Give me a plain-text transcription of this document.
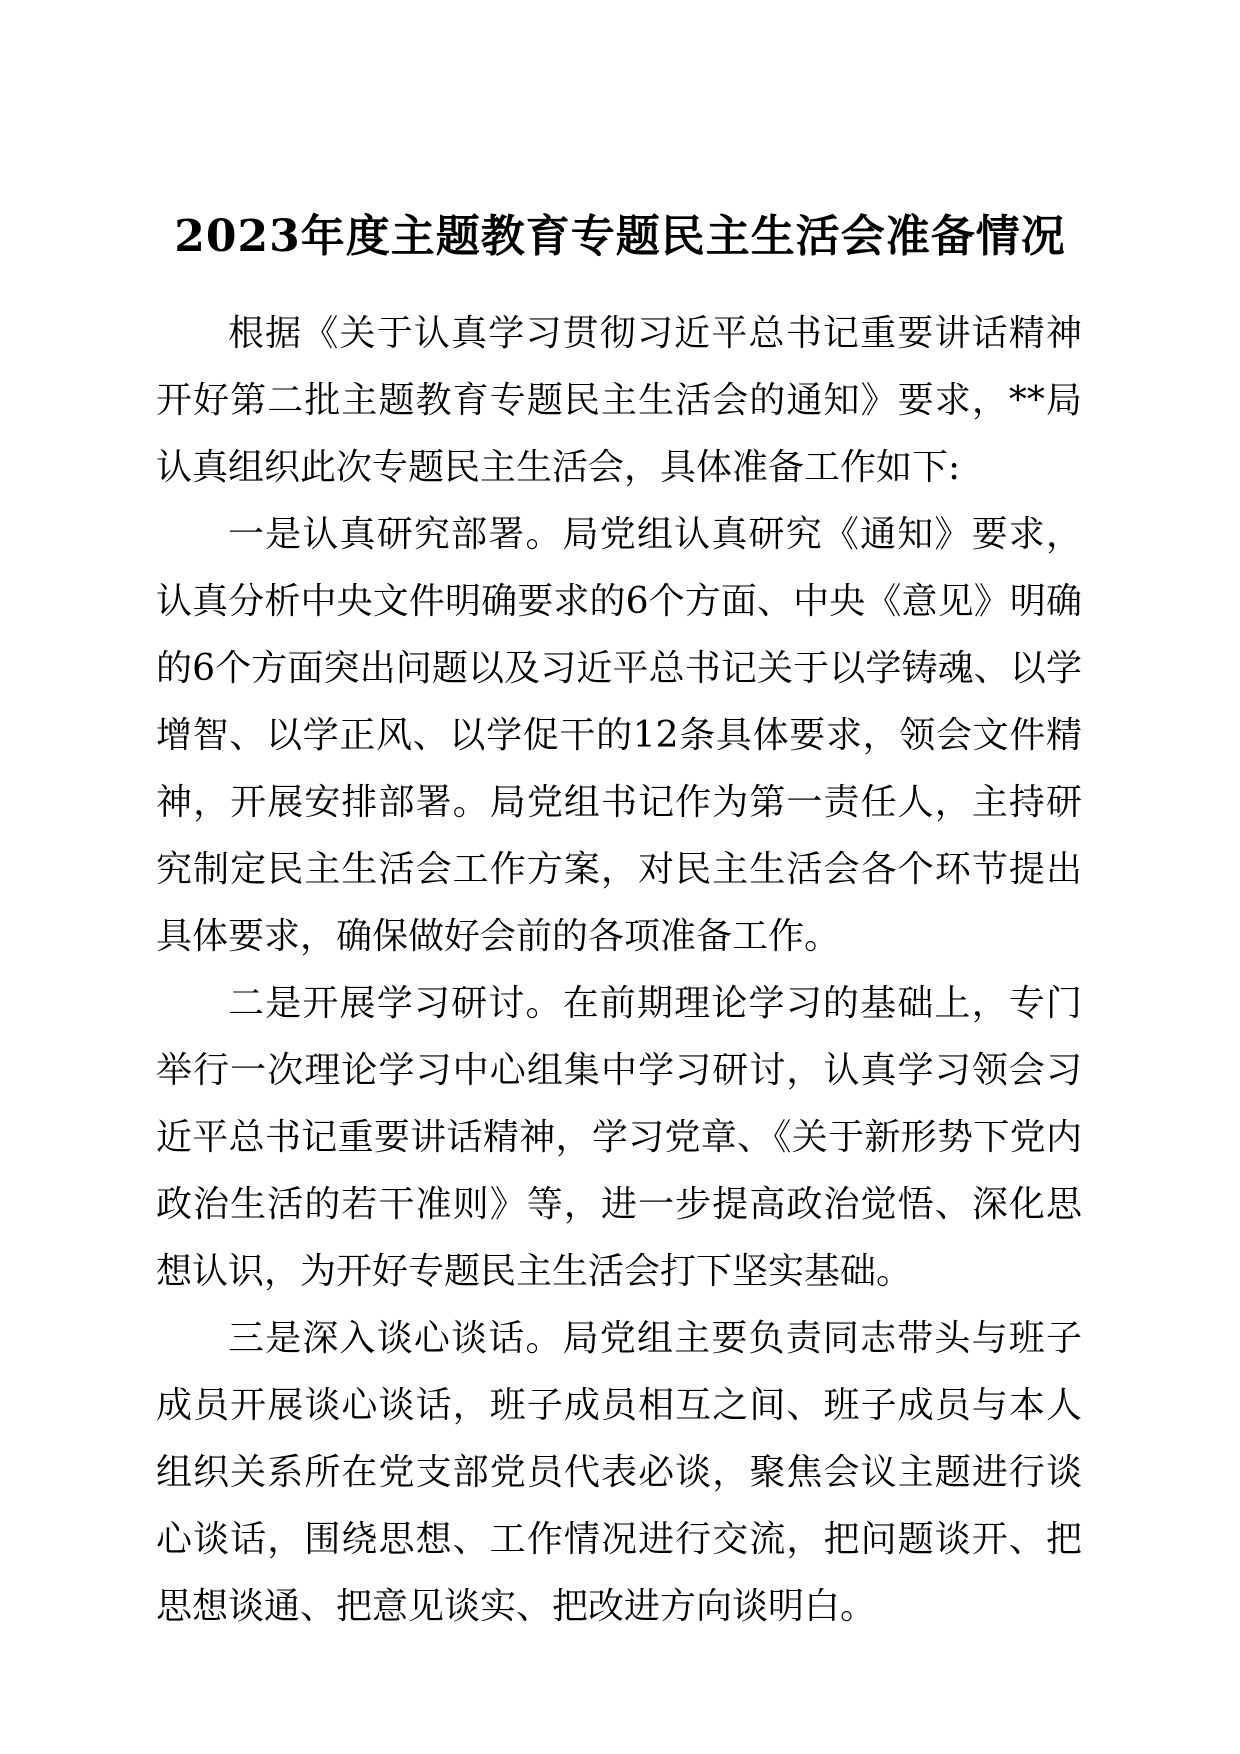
2023年度主题教育专题民主生活会准备情况

根据《关于认真学习贯彻习近平总书记重要讲话精神 开好第二批主题教育专题民主生活会的通知》要求，**局认真组织此次专题民主生活会，具体准备工作如下:

一是认真研究部署。局党组认真研究《通知》要求，认真分析中央文件明确要求的6个方面、中央《意见》明确的6个方面突出问题以及习近平总书记关于以学铸魂、以学增智、以学正风、以学促干的12条具体要求，领会文件精神，开展安排部署。局党组书记作为第一责任人，主持研究制定民主生活会工作方案，对民主生活会各个环节提出具体要求，确保做好会前的各项准备工作。

二是开展学习研讨。在前期理论学习的基础上，专门举行一次理论学习中心组集中学习研讨，认真学习领会习近平总书记重要讲话精神，学习党章、《关于新形势下党内政治生活的若干准则》等，进一步提高政治觉悟、深化思想认识，为开好专题民主生活会打下坚实基础。

三是深入谈心谈话。局党组主要负责同志带头与班子成员开展谈心谈话，班子成员相互之间、班子成员与本人组织关系所在党支部党员代表必谈，聚焦会议主题进行谈心谈话，围绕思想、工作情况进行交流，把问题谈开、把思想谈通、把意见谈实、把改进方向谈明白。
